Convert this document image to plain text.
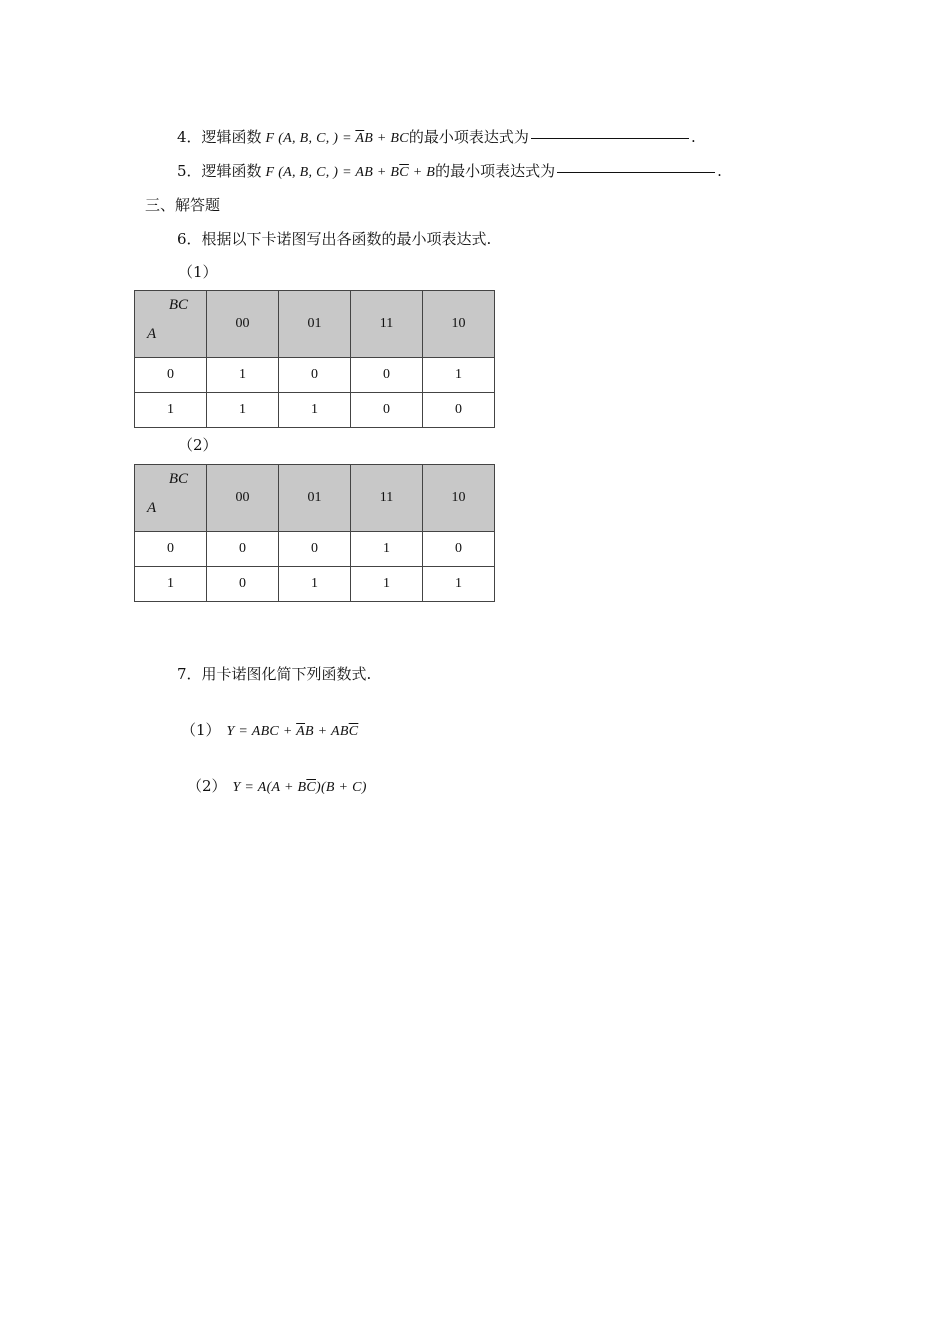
4．逻辑函数 F (A, B, C, ) = $\overline{A}B$ + BC 的最小项表达式为	.
5．逻辑函数 F (A, B, C, ) = AB + $B\overline{C} + B$ 的最小项表达式为	.
三、解答题
6．根据以下卡诺图写出各函数的最小项表达式.
（1）
BC
A	00	01	11	10
0	1	0	0	1
1	1	1	0	0
（2）
BC
A	00	01	11	10
0	0	0	1	0
1	0	1	1	1
7．用卡诺图化简下列函数式.
（1） Y = ABC + $\overline{A}B + AB\overline{C}$
（2） $Y = A(A + B\overline{C})(B + C)$
